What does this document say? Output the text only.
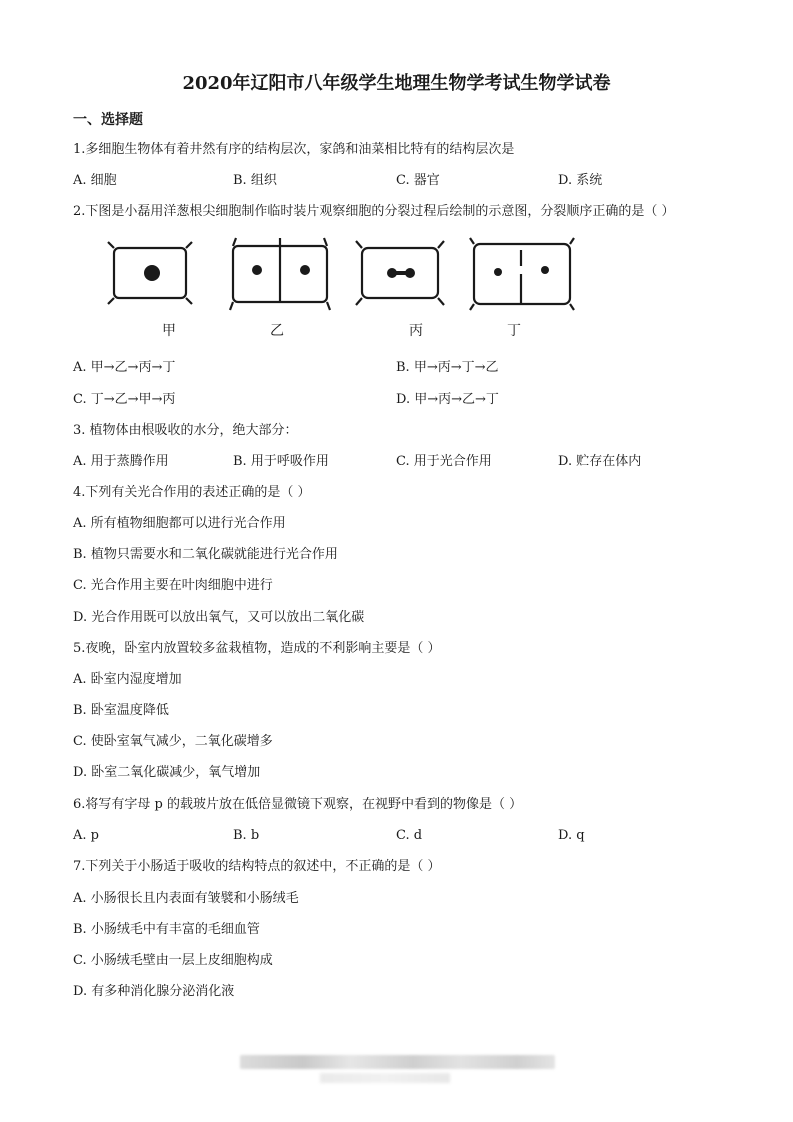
2020年辽阳市八年级学生地理生物学考试生物学试卷
一、选择题
1.多细胞生物体有着井然有序的结构层次，家鸽和油菜相比特有的结构层次是
A. 细胞	B. 组织	C. 器官	D. 系统
2.下图是小磊用洋葱根尖细胞制作临时装片观察细胞的分裂过程后绘制的示意图，分裂顺序正确的是（ ）
甲	乙	丙	丁
A. 甲→乙→丙→丁	B. 甲→丙→丁→乙
C. 丁→乙→甲→丙	D. 甲→丙→乙→丁
3. 植物体由根吸收的水分，绝大部分：
A. 用于蒸腾作用	B. 用于呼吸作用	C. 用于光合作用	D. 贮存在体内
4.下列有关光合作用的表述正确的是（ ）
A. 所有植物细胞都可以进行光合作用
B. 植物只需要水和二氧化碳就能进行光合作用
C. 光合作用主要在叶肉细胞中进行
D. 光合作用既可以放出氧气，又可以放出二氧化碳
5.夜晚，卧室内放置较多盆栽植物，造成的不利影响主要是（ ）
A. 卧室内湿度增加
B. 卧室温度降低
C. 使卧室氧气减少，二氧化碳增多
D. 卧室二氧化碳减少，氧气增加
6.将写有字母 p 的载玻片放在低倍显微镜下观察，在视野中看到的物像是（ ）
A. p	B. b	C. d	D. q
7.下列关于小肠适于吸收的结构特点的叙述中，不正确的是（ ）
A. 小肠很长且内表面有皱襞和小肠绒毛
B. 小肠绒毛中有丰富的毛细血管
C. 小肠绒毛壁由一层上皮细胞构成
D. 有多种消化腺分泌消化液
